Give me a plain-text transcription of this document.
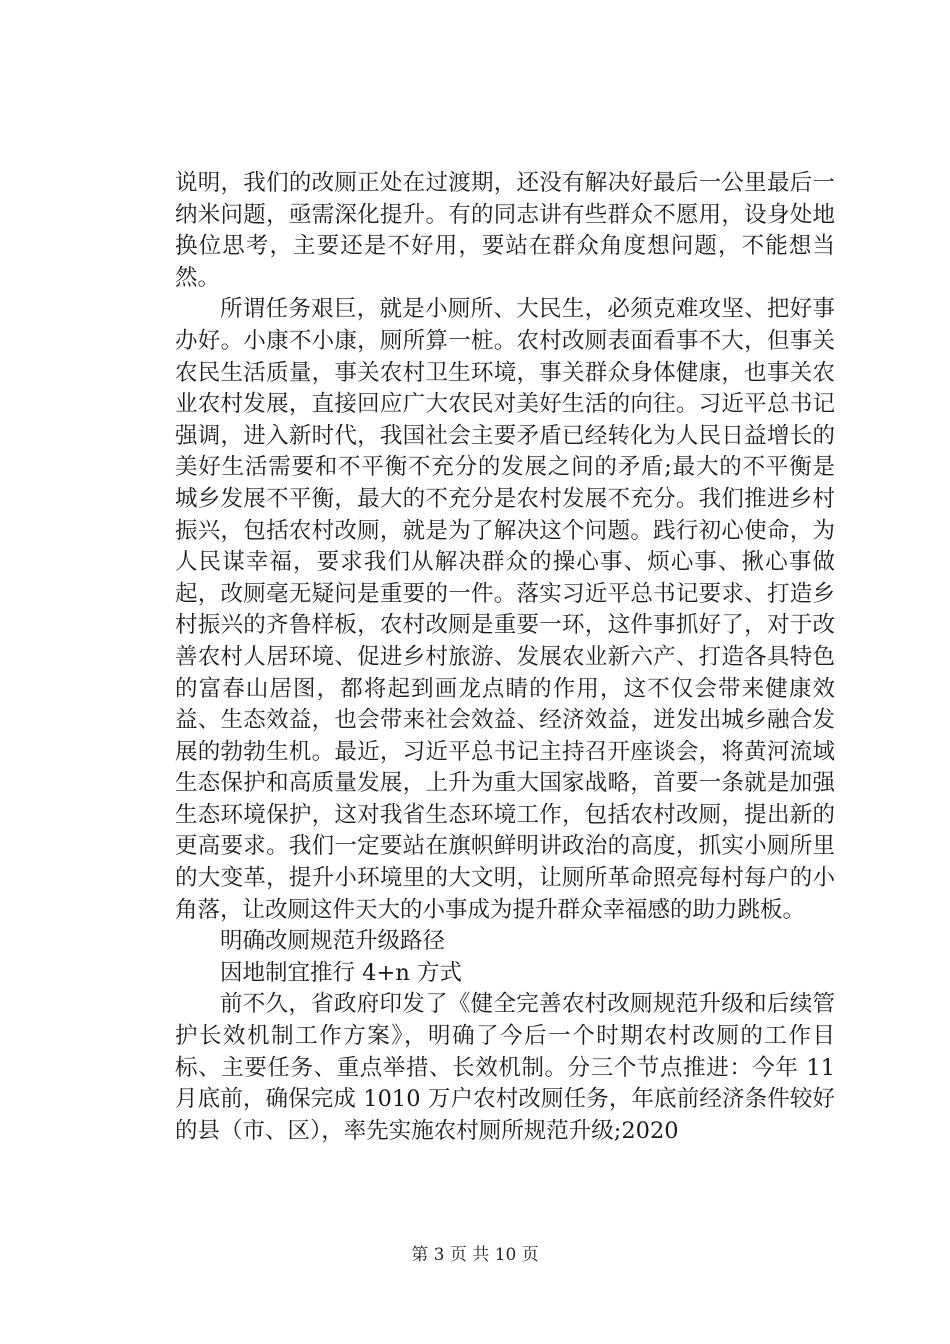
说明，我们的改厕正处在过渡期，还没有解决好最后一公里最后一纳米问题，亟需深化提升。有的同志讲有些群众不愿用，设身处地换位思考，主要还是不好用，要站在群众角度想问题，不能想当然。

所谓任务艰巨，就是小厕所、大民生，必须克难攻坚、把好事办好。小康不小康，厕所算一桩。农村改厕表面看事不大，但事关农民生活质量，事关农村卫生环境，事关群众身体健康，也事关农业农村发展，直接回应广大农民对美好生活的向往。习近平总书记强调，进入新时代，我国社会主要矛盾已经转化为人民日益增长的美好生活需要和不平衡不充分的发展之间的矛盾;最大的不平衡是城乡发展不平衡，最大的不充分是农村发展不充分。我们推进乡村振兴，包括农村改厕，就是为了解决这个问题。践行初心使命，为人民谋幸福，要求我们从解决群众的操心事、烦心事、揪心事做起，改厕毫无疑问是重要的一件。落实习近平总书记要求、打造乡村振兴的齐鲁样板，农村改厕是重要一环，这件事抓好了，对于改善农村人居环境、促进乡村旅游、发展农业新六产、打造各具特色的富春山居图，都将起到画龙点睛的作用，这不仅会带来健康效益、生态效益，也会带来社会效益、经济效益，迸发出城乡融合发展的勃勃生机。最近，习近平总书记主持召开座谈会，将黄河流域生态保护和高质量发展，上升为重大国家战略，首要一条就是加强生态环境保护，这对我省生态环境工作，包括农村改厕，提出新的更高要求。我们一定要站在旗帜鲜明讲政治的高度，抓实小厕所里的大变革，提升小环境里的大文明，让厕所革命照亮每村每户的小角落，让改厕这件天大的小事成为提升群众幸福感的助力跳板。

明确改厕规范升级路径

因地制宜推行 4+n 方式

前不久，省政府印发了《健全完善农村改厕规范升级和后续管护长效机制工作方案》，明确了今后一个时期农村改厕的工作目标、主要任务、重点举措、长效机制。分三个节点推进：今年 11 月底前，确保完成 1010 万户农村改厕任务，年底前经济条件较好的县（市、区），率先实施农村厕所规范升级;2020

第 3 页 共 10 页
